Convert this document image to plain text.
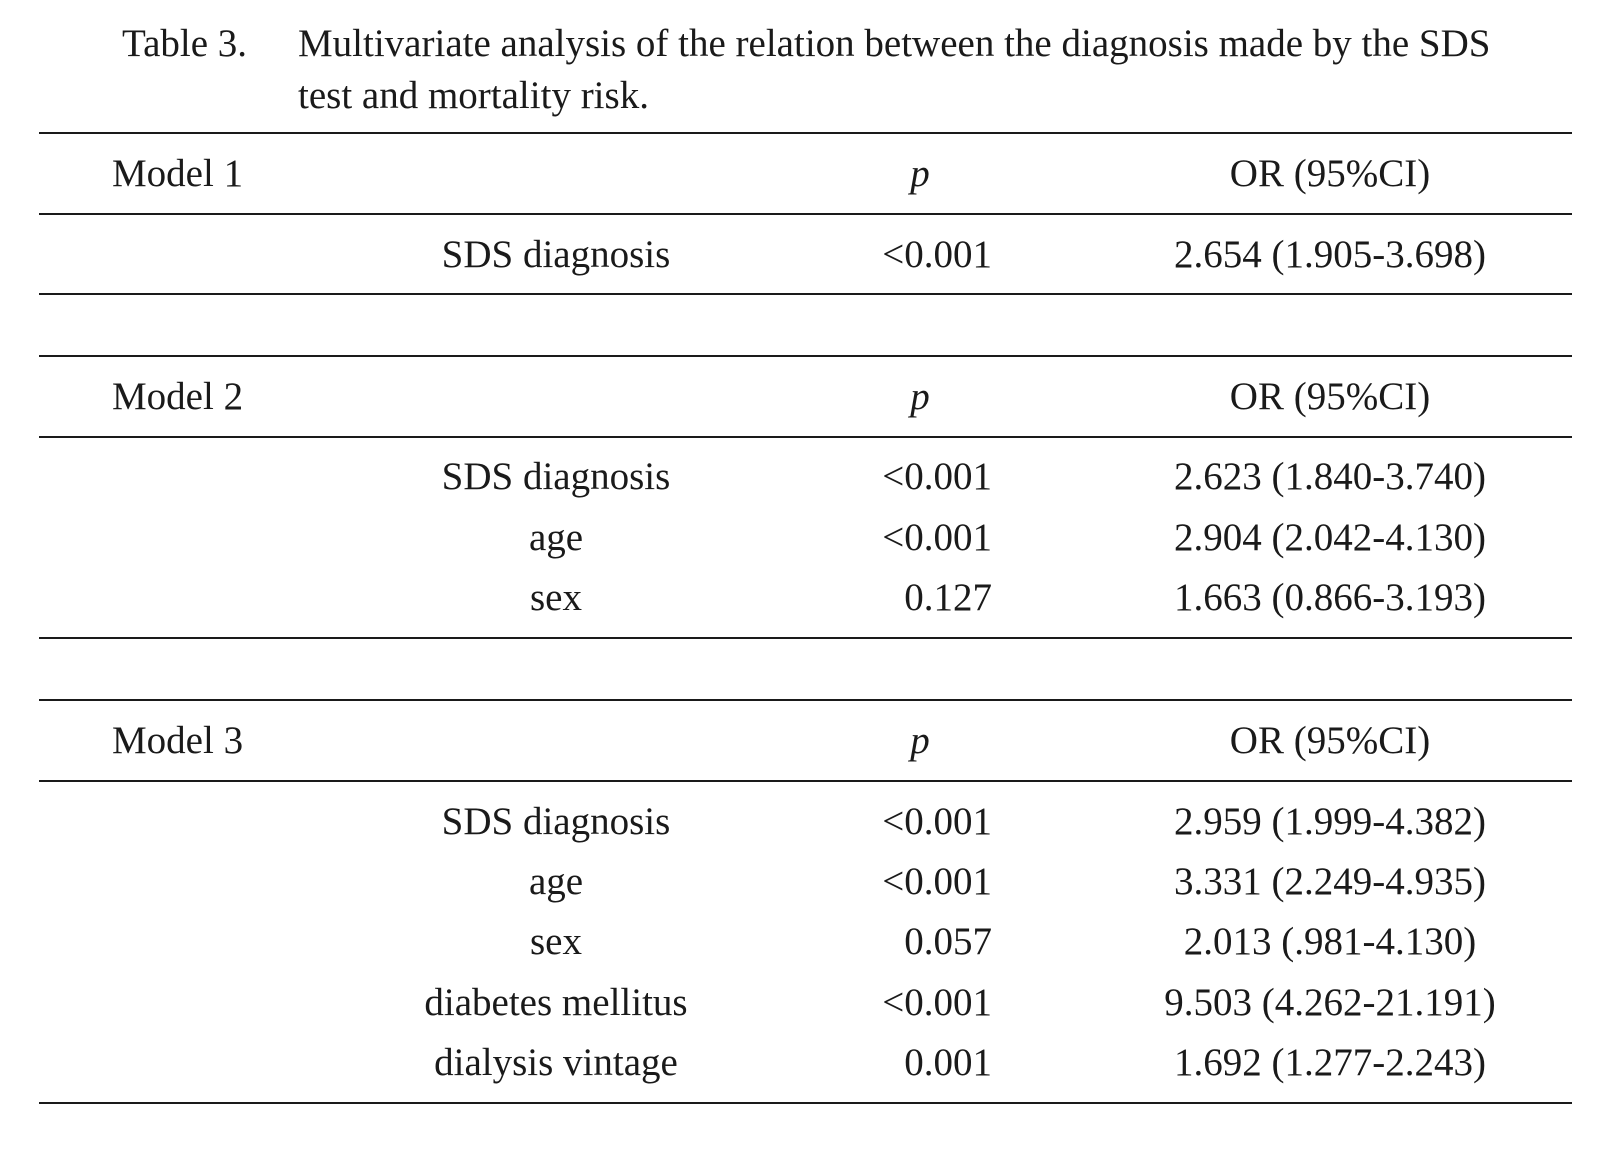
Table 3. Multivariate analysis of the relation between the diagnosis made by the SDS test and mortality risk.
Model 1	p	OR (95%CI)
SDS diagnosis	<0.001	2.654 (1.905-3.698)
Model 2	p	OR (95%CI)
SDS diagnosis	<0.001	2.623 (1.840-3.740)
age	<0.001	2.904 (2.042-4.130)
sex	0.127	1.663 (0.866-3.193)
Model 3	p	OR (95%CI)
SDS diagnosis	<0.001	2.959 (1.999-4.382)
age	<0.001	3.331 (2.249-4.935)
sex	0.057	2.013 (.981-4.130)
diabetes mellitus	<0.001	9.503 (4.262-21.191)
dialysis vintage	0.001	1.692 (1.277-2.243)
